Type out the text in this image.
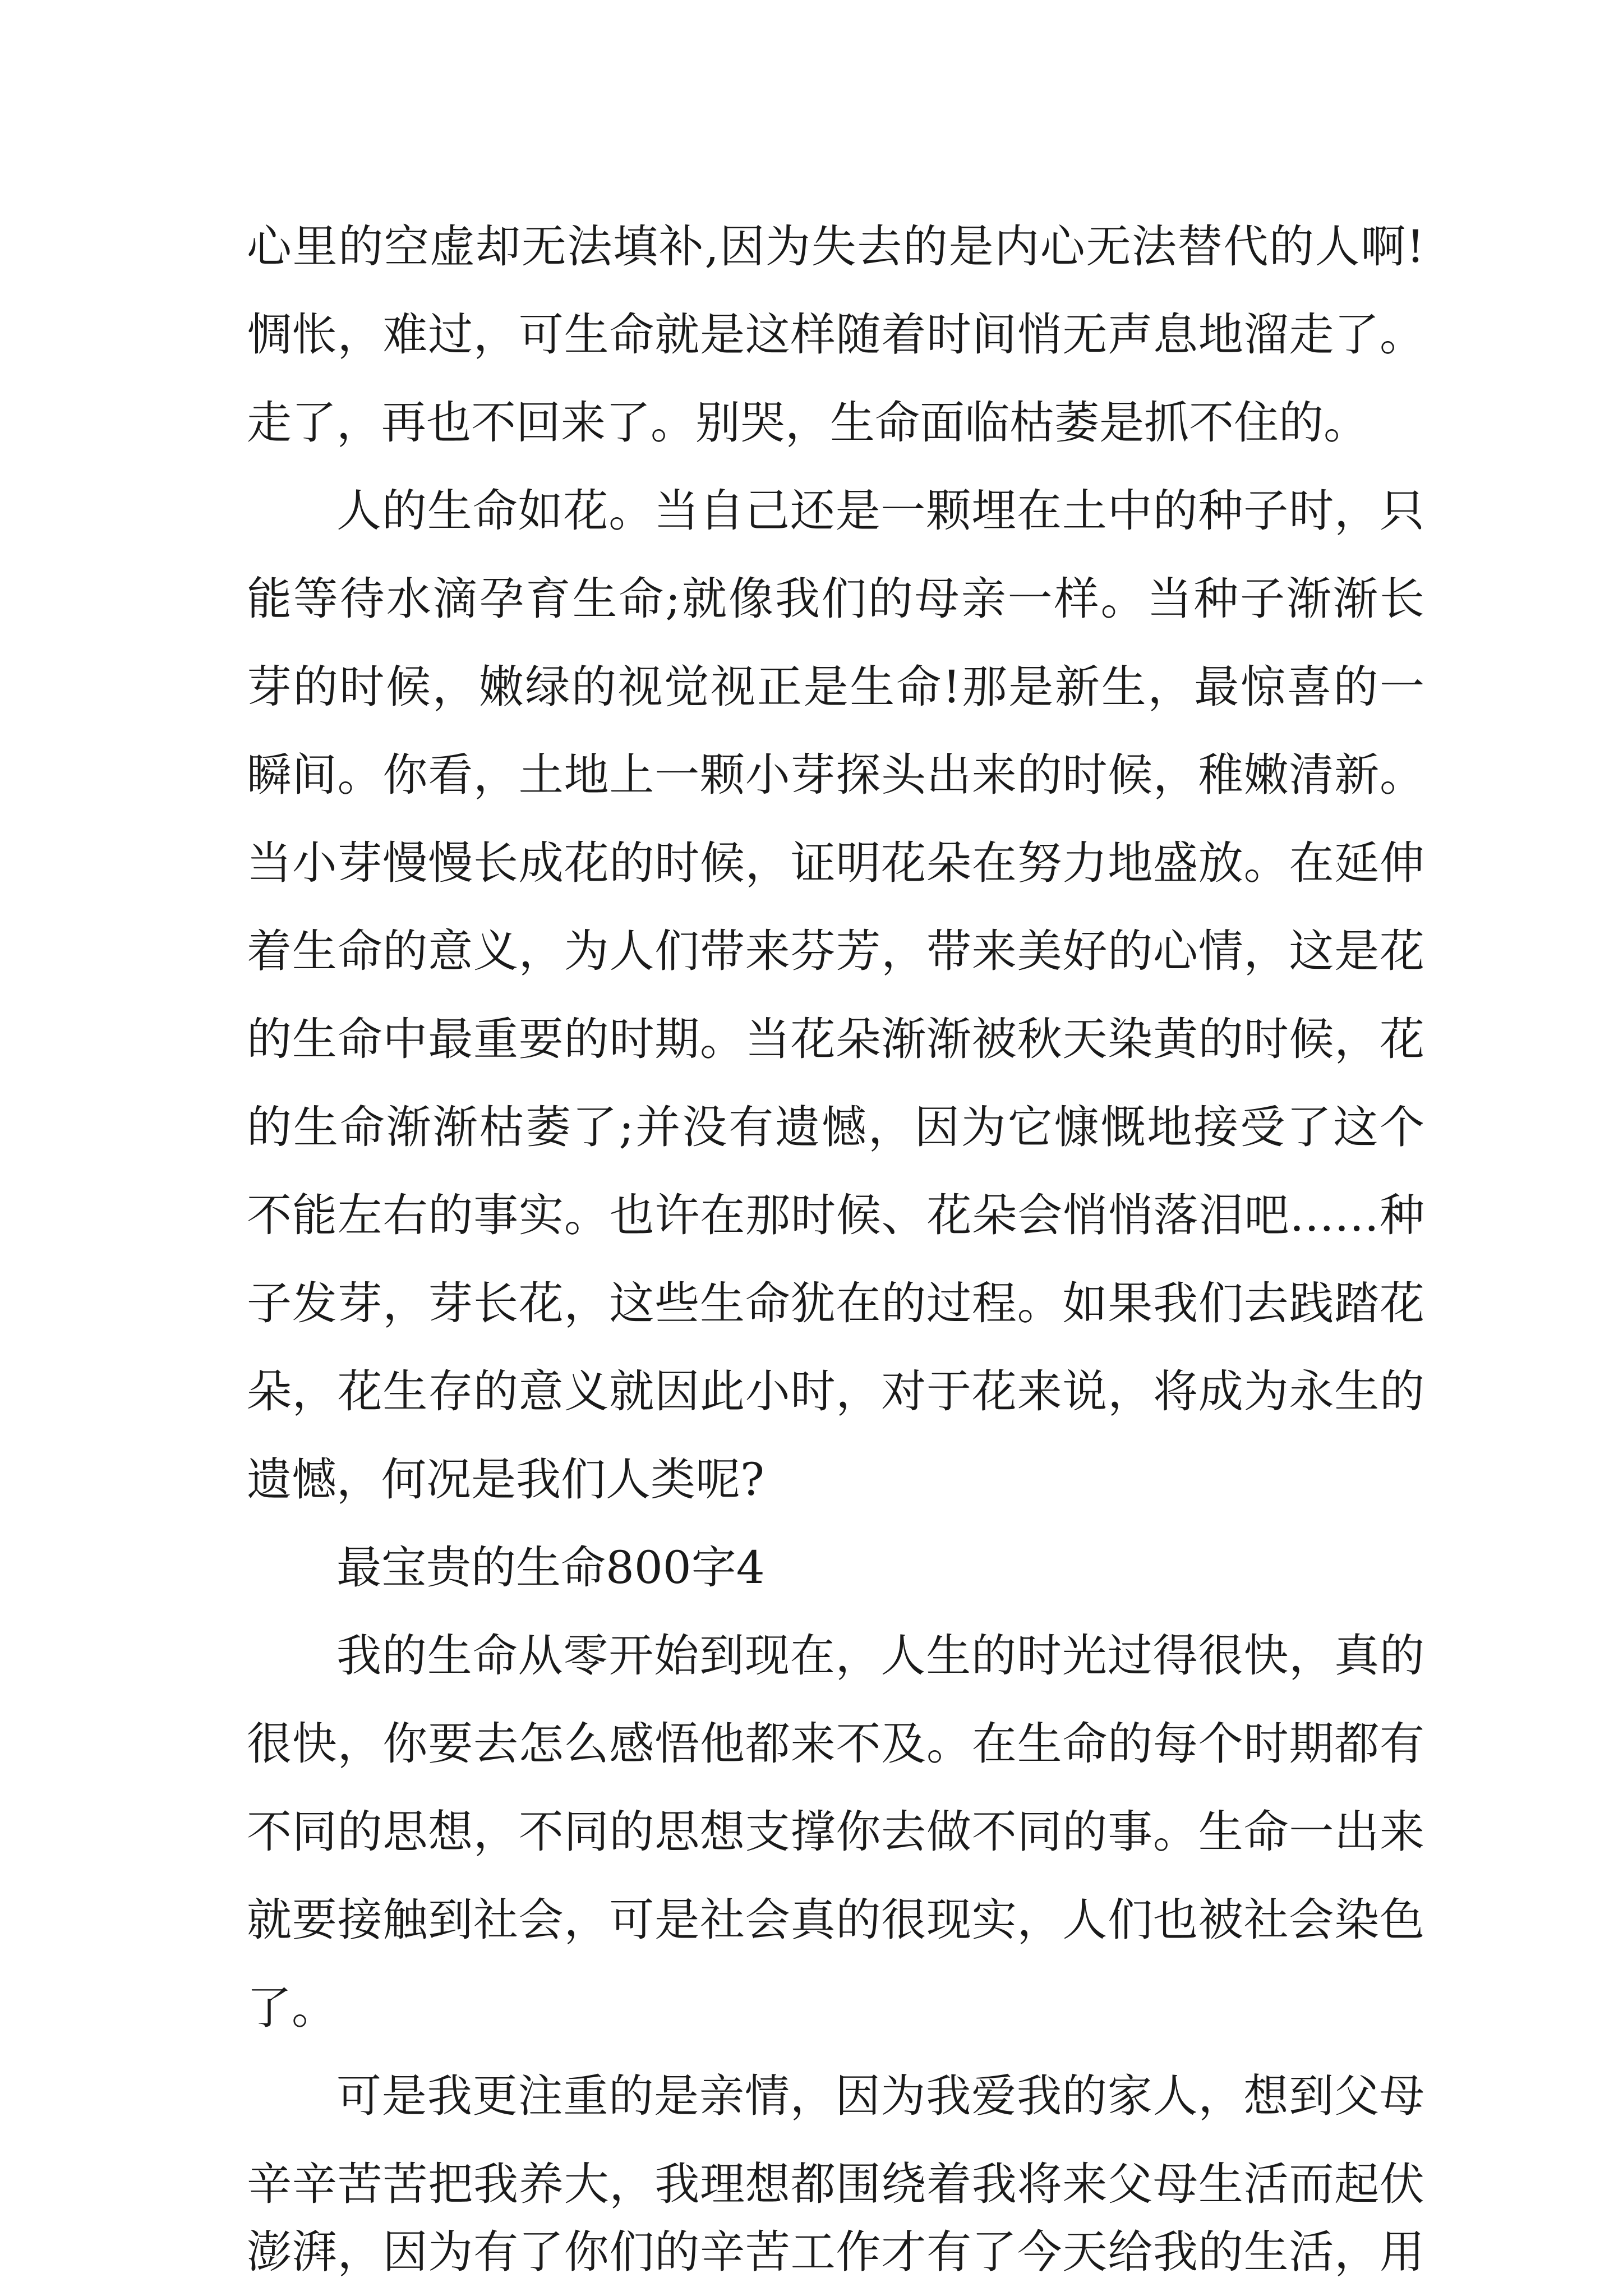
心里的空虚却无法填补,因为失去的是内心无法替代的人啊!
惆怅，难过，可生命就是这样随着时间悄无声息地溜走了。
走了，再也不回来了。别哭，生命面临枯萎是抓不住的。
人的生命如花。当自己还是一颗埋在土中的种子时，只
能等待水滴孕育生命;就像我们的母亲一样。当种子渐渐长
芽的时候，嫩绿的视觉视正是生命!那是新生，最惊喜的一
瞬间。你看，土地上一颗小芽探头出来的时候，稚嫩清新。
当小芽慢慢长成花的时候，证明花朵在努力地盛放。在延伸
着生命的意义，为人们带来芬芳，带来美好的心情，这是花
的生命中最重要的时期。当花朵渐渐被秋天染黄的时候，花
的生命渐渐枯萎了;并没有遗憾，因为它慷慨地接受了这个
不能左右的事实。也许在那时候、花朵会悄悄落泪吧……种
子发芽，芽长花，这些生命犹在的过程。如果我们去践踏花
朵，花生存的意义就因此小时，对于花来说，将成为永生的
遗憾，何况是我们人类呢?
最宝贵的生命800字4
我的生命从零开始到现在，人生的时光过得很快，真的
很快，你要去怎么感悟他都来不及。在生命的每个时期都有
不同的思想，不同的思想支撑你去做不同的事。生命一出来
就要接触到社会，可是社会真的很现实，人们也被社会染色
了。
可是我更注重的是亲情，因为我爱我的家人，想到父母
辛辛苦苦把我养大，我理想都围绕着我将来父母生活而起伏
澎湃，因为有了你们的辛苦工作才有了今天给我的生活，用
